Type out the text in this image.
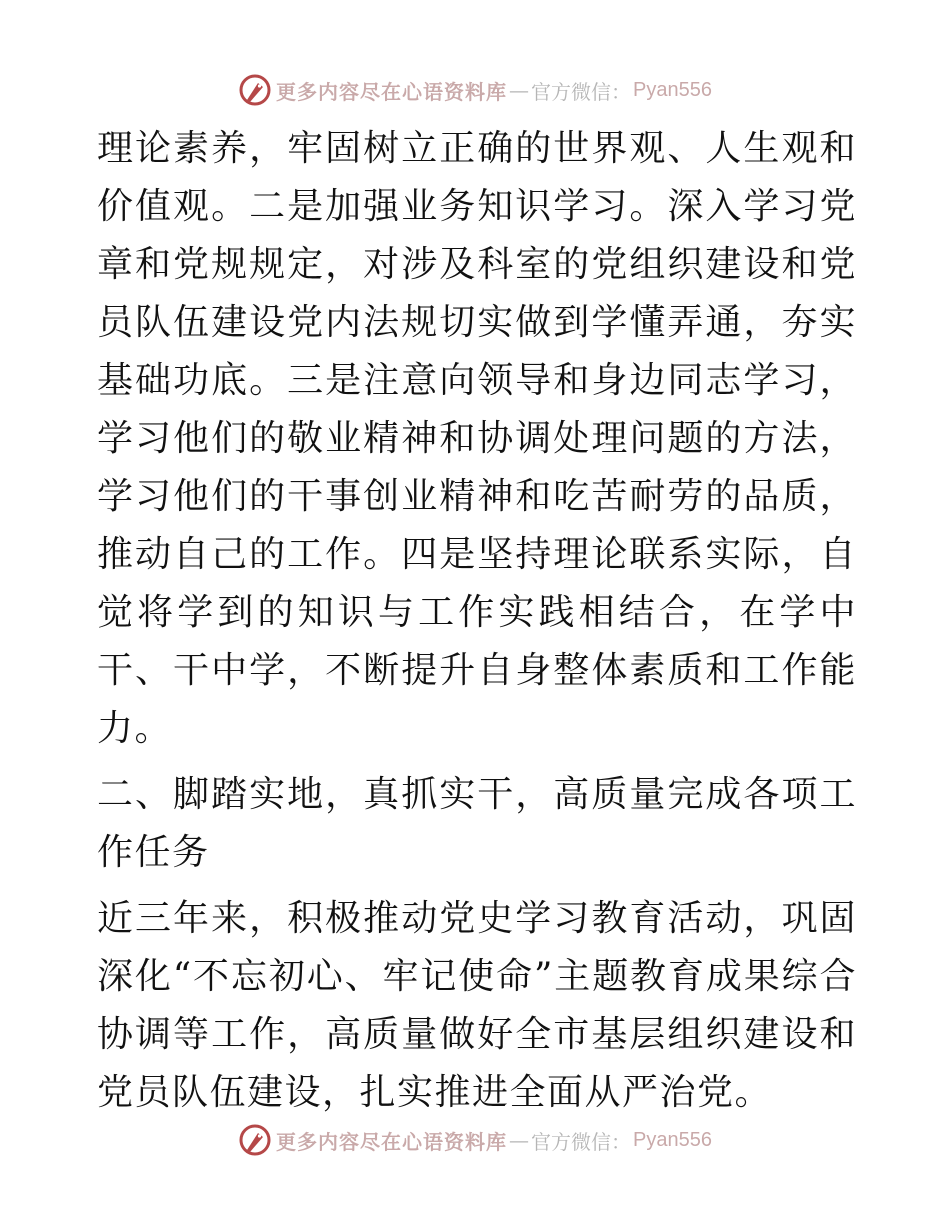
更多内容尽在心语资料库 — 官方微信： Pyan556

理论素养，牢固树立正确的世界观、人生观和价值观。二是加强业务知识学习。深入学习党章和党规规定，对涉及科室的党组织建设和党员队伍建设党内法规切实做到学懂弄通，夯实基础功底。三是注意向领导和身边同志学习，学习他们的敬业精神和协调处理问题的方法，学习他们的干事创业精神和吃苦耐劳的品质，推动自己的工作。四是坚持理论联系实际，自觉将学到的知识与工作实践相结合，在学中干、干中学，不断提升自身整体素质和工作能力。

二、脚踏实地，真抓实干，高质量完成各项工作任务

近三年来，积极推动党史学习教育活动，巩固深化“不忘初心、牢记使命”主题教育成果综合协调等工作，高质量做好全市基层组织建设和党员队伍建设，扎实推进全面从严治党。

更多内容尽在心语资料库 — 官方微信： Pyan556
